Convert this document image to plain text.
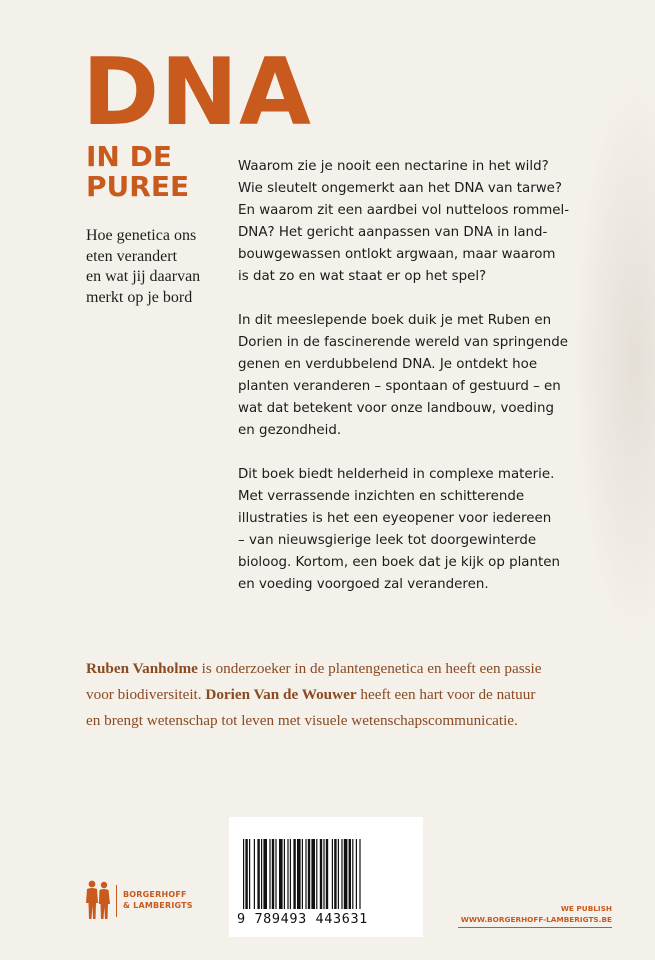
DNA
IN DE
PUREE
Hoe genetica ons
eten verandert
en wat jij daarvan
merkt op je bord
Waarom zie je nooit een nectarine in het wild?
Wie sleutelt ongemerkt aan het DNA van tarwe?
En waarom zit een aardbei vol nutteloos rommel-
DNA? Het gericht aanpassen van DNA in land-
bouwgewassen ontlokt argwaan, maar waarom
is dat zo en wat staat er op het spel?
In dit meeslepende boek duik je met Ruben en
Dorien in de fascinerende wereld van springende
genen en verdubbelend DNA. Je ontdekt hoe
planten veranderen – spontaan of gestuurd – en
wat dat betekent voor onze landbouw, voeding
en gezondheid.
Dit boek biedt helderheid in complexe materie.
Met verrassende inzichten en schitterende
illustraties is het een eyeopener voor iedereen
– van nieuwsgierige leek tot doorgewinterde
bioloog. Kortom, een boek dat je kijk op planten
en voeding voorgoed zal veranderen.
Ruben Vanholme is onderzoeker in de plantengenetica en heeft een passie
voor biodiversiteit. Dorien Van de Wouwer heeft een hart voor de natuur
en brengt wetenschap tot leven met visuele wetenschapscommunicatie.
9 789493 443631
BORGERHOFF
& LAMBERIGTS	WE PUBLISH
WWW.BORGERHOFF-LAMBERIGTS.BE
